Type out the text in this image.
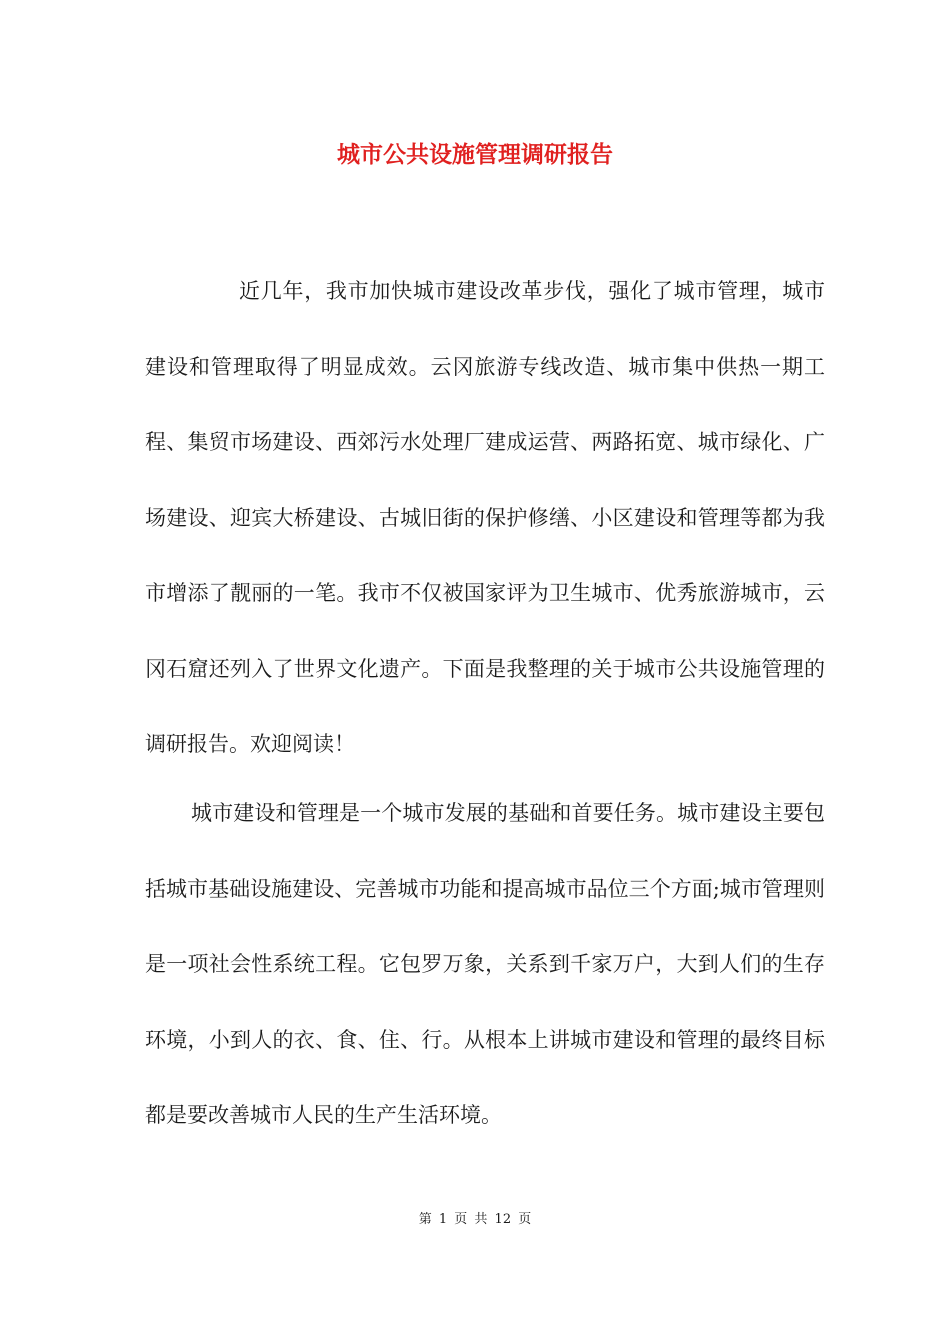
城市公共设施管理调研报告

近几年，我市加快城市建设改革步伐，强化了城市管理，城市建设和管理取得了明显成效。云冈旅游专线改造、城市集中供热一期工程、集贸市场建设、西郊污水处理厂建成运营、两路拓宽、城市绿化、广场建设、迎宾大桥建设、古城旧街的保护修缮、小区建设和管理等都为我市增添了靓丽的一笔。我市不仅被国家评为卫生城市、优秀旅游城市，云冈石窟还列入了世界文化遗产。下面是我整理的关于城市公共设施管理的调研报告。欢迎阅读！

城市建设和管理是一个城市发展的基础和首要任务。城市建设主要包括城市基础设施建设、完善城市功能和提高城市品位三个方面;城市管理则是一项社会性系统工程。它包罗万象，关系到千家万户，大到人们的生存环境，小到人的衣、食、住、行。从根本上讲城市建设和管理的最终目标都是要改善城市人民的生产生活环境。

第 1 页 共 12 页
